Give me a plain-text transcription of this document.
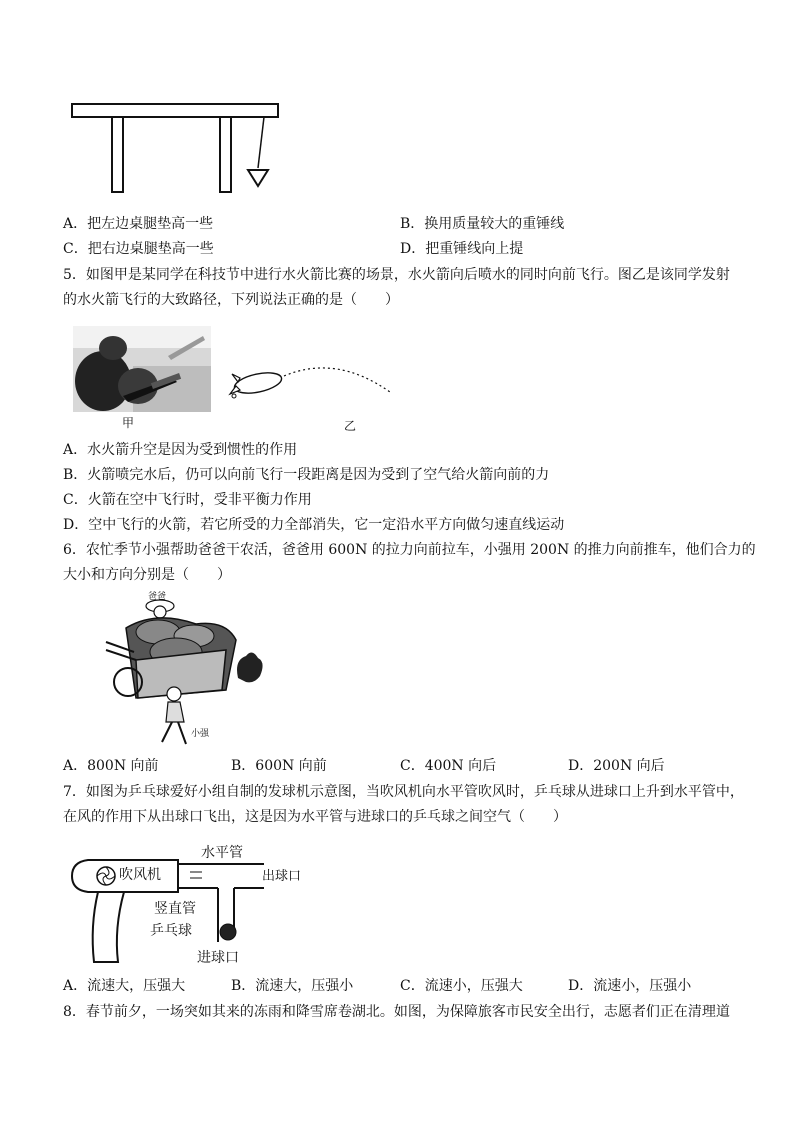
A．把左边桌腿垫高一些	B．换用质量较大的重锤线
C．把右边桌腿垫高一些	D．把重锤线向上提
5．如图甲是某同学在科技节中进行水火箭比赛的场景，水火箭向后喷水的同时向前飞行。图乙是该同学发射
的水火箭飞行的大致路径，下列说法正确的是（　　）
甲	乙
A．水火箭升空是因为受到惯性的作用
B．火箭喷完水后，仍可以向前飞行一段距离是因为受到了空气给火箭向前的力
C．火箭在空中飞行时，受非平衡力作用
D．空中飞行的火箭，若它所受的力全部消失，它一定沿水平方向做匀速直线运动
6．农忙季节小强帮助爸爸干农活，爸爸用 600N 的拉力向前拉车，小强用 200N 的推力向前推车，他们合力的
大小和方向分别是（　　）
爸爸
小强
A．800N 向前	B．600N 向前	C．400N 向后	D．200N 向后
7．如图为乒乓球爱好小组自制的发球机示意图，当吹风机向水平管吹风时，乒乓球从进球口上升到水平管中，
在风的作用下从出球口飞出，这是因为水平管与进球口的乒乓球之间空气（　　）
水平管
吹风机	出球口
竖直管
乒乓球
进球口
A．流速大，压强大	B．流速大，压强小	C．流速小，压强大	D．流速小，压强小
8．春节前夕，一场突如其来的冻雨和降雪席卷湖北。如图，为保障旅客市民安全出行，志愿者们正在清理道
